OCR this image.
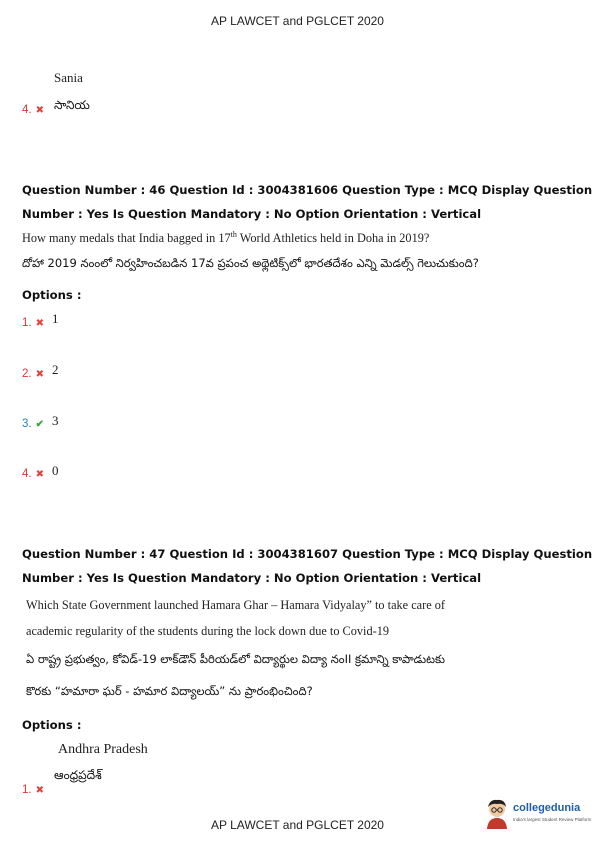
AP LAWCET and PGLCET 2020
Sania
4. ✖ సానియ
Question Number : 46 Question Id : 3004381606 Question Type : MCQ Display Question
Number : Yes Is Question Mandatory : No Option Orientation : Vertical
How many medals that India bagged in 17th World Athletics held in Doha in 2019?
దోహా 2019 నంంలో నిర్వహించబడిన 17వ ప్రపంచ అథ్లెటిక్స్‌లో భారతదేశం ఎన్ని మెడల్స్ గెలుచుకుంది?
Options :
1. ✖ 1
2. ✖ 2
3. ✔ 3
4. ✖ 0
Question Number : 47 Question Id : 3004381607 Question Type : MCQ Display Question
Number : Yes Is Question Mandatory : No Option Orientation : Vertical
Which State Government launched Hamara Ghar – Hamara Vidyalay” to take care of
academic regularity of the students during the lock down due to Covid-19
ఏ రాష్ట్ర ప్రభుత్వం, కోవిడ్-19 లాక్‌డౌన్ పీరియడ్‌లో విద్యార్థుల విద్యా నంII క్రమాన్ని కాపాడుటకు
కొరకు “హమారా ఘర్ - హమార విద్యాలయ్” ను ప్రారంభించింది?
Options :
Andhra Pradesh
ఆంధ్రప్రదేశ్
1. ✖
AP LAWCET and PGLCET 2020
collegedunia
India's largest Student Review Platform
